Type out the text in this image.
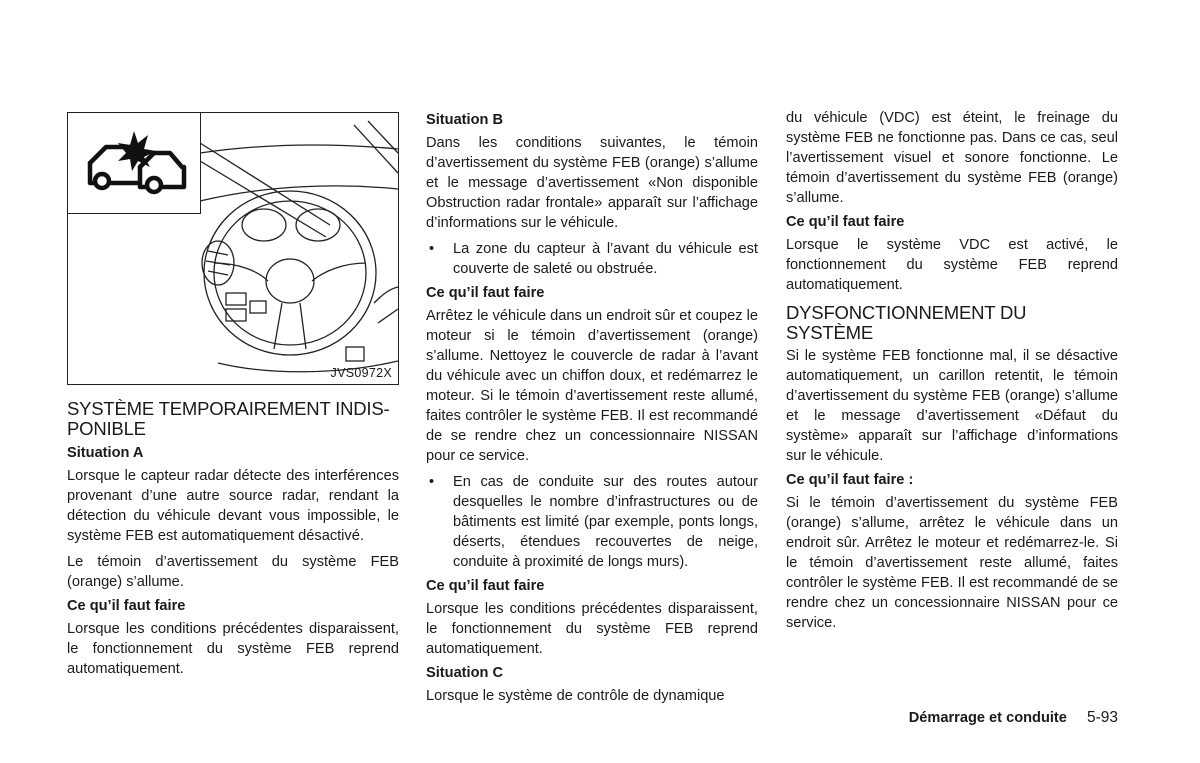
JVS0972X
SYSTÈME TEMPORAIREMENT INDIS-PONIBLE
Situation A

Lorsque le capteur radar détecte des interférences provenant d’une autre source radar, rendant la détection du véhicule devant vous impossible, le système FEB est automatiquement désactivé.

Le témoin d’avertissement du système FEB (orange) s’allume.

Ce qu’il faut faire

Lorsque les conditions précédentes disparaissent, le fonctionnement du système FEB reprend automatiquement.

Situation B

Dans les conditions suivantes, le témoin d’avertissement du système FEB (orange) s’allume et le message d’avertissement «Non disponible Obstruction radar frontale» apparaît sur l’affichage d’informations sur le véhicule.

• La zone du capteur à l’avant du véhicule est couverte de saleté ou obstruée.
Ce qu’il faut faire

Arrêtez le véhicule dans un endroit sûr et coupez le moteur si le témoin d’avertissement (orange) s’allume. Nettoyez le couvercle de radar à l’avant du véhicule avec un chiffon doux, et redémarrez le moteur. Si le témoin d’avertissement reste allumé, faites contrôler le système FEB. Il est recommandé de se rendre chez un concessionnaire NISSAN pour ce service.

• En cas de conduite sur des routes autour desquelles le nombre d’infrastructures ou de bâtiments est limité (par exemple, ponts longs, déserts, étendues recouvertes de neige, conduite à proximité de longs murs).
Ce qu’il faut faire

Lorsque les conditions précédentes disparaissent, le fonctionnement du système FEB reprend automatiquement.

Situation C

Lorsque le système de contrôle de dynamique

du véhicule (VDC) est éteint, le freinage du système FEB ne fonctionne pas. Dans ce cas, seul l’avertissement visuel et sonore fonctionne. Le témoin d’avertissement du système FEB (orange) s’allume.

Ce qu’il faut faire

Lorsque le système VDC est activé, le fonctionnement du système FEB reprend automatiquement.

DYSFONCTIONNEMENT DU SYSTÈME

Si le système FEB fonctionne mal, il se désactive automatiquement, un carillon retentit, le témoin d’avertissement du système FEB (orange) s’allume et le message d’avertissement «Défaut du système» apparaît sur l’affichage d’informations sur le véhicule.

Ce qu’il faut faire :

Si le témoin d’avertissement du système FEB (orange) s’allume, arrêtez le véhicule dans un endroit sûr. Arrêtez le moteur et redémarrez-le. Si le témoin d’avertissement reste allumé, faites contrôler le système FEB. Il est recommandé de se rendre chez un concessionnaire NISSAN pour ce service.

Démarrage et conduite 5-93
